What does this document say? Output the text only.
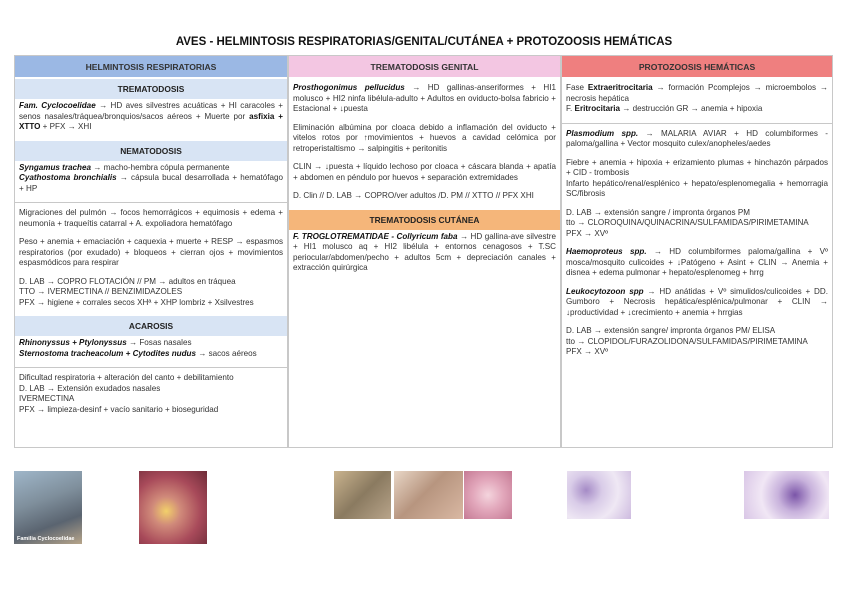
AVES - HELMINTOSIS RESPIRATORIAS/GENITAL/CUTÁNEA + PROTOZOOSIS HEMÁTICAS
HELMINTOSIS RESPIRATORIAS
TREMATODOSIS

Fam. Cyclocoelidae → HD aves silvestres acuáticas + HI caracoles + senos nasales/tráquea/bronquios/sacos aéreos + Muerte por asfixia + XTTO + PFX → XHI

NEMATODOSIS

Syngamus trachea → macho-hembra cópula permanente
Cyathostoma bronchialis → cápsula bucal desarrollada + hematófago + HP

Migraciones del pulmón → focos hemorrágicos + equimosis + edema + neumonía + traqueítis catarral + A. expoliadora hematófago

Peso + anemia + emaciación + caquexia + muerte + RESP → espasmos respiratorios (por exudado) + bloqueos + cierran ojos + movimientos espasmódicos para respirar

D. LAB → COPRO FLOTACIÓN // PM → adultos en tráquea
TTO → IVERMECTINA // BENZIMIDAZOLES
PFX → higiene + corrales secos XHª + XHP lombriz + Xsilvestres

ACAROSIS

Rhinonyssus + Ptylonyssus → Fosas nasales
Sternostoma tracheacolum + Cytodites nudus → sacos aéreos

Dificultad respiratoria + alteración del canto + debilitamiento
D. LAB → Extensión exudados nasales
IVERMECTINA
PFX → limpieza-desinf + vacío sanitario + bioseguridad

TREMATODOSIS GENITAL

Prosthogonimus pellucidus → HD gallinas-anseriformes + HI1 molusco + HI2 ninfa libélula-adulto + Adultos en oviducto-bolsa fabricio + Estacional + ↓puesta

Eliminación albúmina por cloaca debido a inflamación del oviducto + vitelos rotos por ↑movimientos + huevos a cavidad celómica por retroperistaltismo → salpingitis + peritonitis

CLIN → ↓puesta + líquido lechoso por cloaca + cáscara blanda + apatía + abdomen en péndulo por huevos + separación extremidades

D. Clin // D. LAB → COPRO/ver adultos /D. PM // XTTO // PFX XHI

TREMATODOSIS CUTÁNEA

F. TROGLOTREMATIDAE - Collyricum faba → HD gallina-ave silvestre + HI1 molusco aq + HI2 libélula + entornos cenagosos + T.SC periocular/abdomen/pecho + adultos 5cm + depreciación canales + extracción quirúrgica

PROTOZOOSIS HEMÁTICAS

Fase Extraeritrocitaria → formación Pcomplejos → microembolos → necrosis hepática
F. Eritrocitaria → destrucción GR → anemia + hipoxia

Plasmodium spp. → MALARIA AVIAR + HD columbiformes - paloma/gallina + Vector mosquito culex/anopheles/aedes

Fiebre + anemia + hipoxia + erizamiento plumas + hinchazón párpados + CID - trombosis
Infarto hepático/renal/esplénico + hepato/esplenomegalia + hemorragia SC/fibrosis

D. LAB → extensión sangre / impronta órganos PM
tto → CLOROQUINA/QUINACRINA/SULFAMIDAS/PIRIMETAMINA
PFX → XVº

Haemoproteus spp. → HD columbiformes paloma/gallina + Vº mosca/mosquito culicoides + ↓Patógeno + Asint + CLIN → Anemia + disnea + edema pulmonar + hepato/esplenomeg + hrrg

Leukocytozoon spp → HD anátidas + Vº simulidos/culicoides + DD. Gumboro + Necrosis hepática/esplénica/pulmonar + CLIN → ↓productividad + ↓crecimiento + anemia + hrrgias

D. LAB → extensión sangre/ impronta órganos PM/ ELISA
tto → CLOPIDOL/FURAZOLIDONA/SULFAMIDAS/PIRIMETAMINA
PFX → XVº

Familia Cyclocoelidae
